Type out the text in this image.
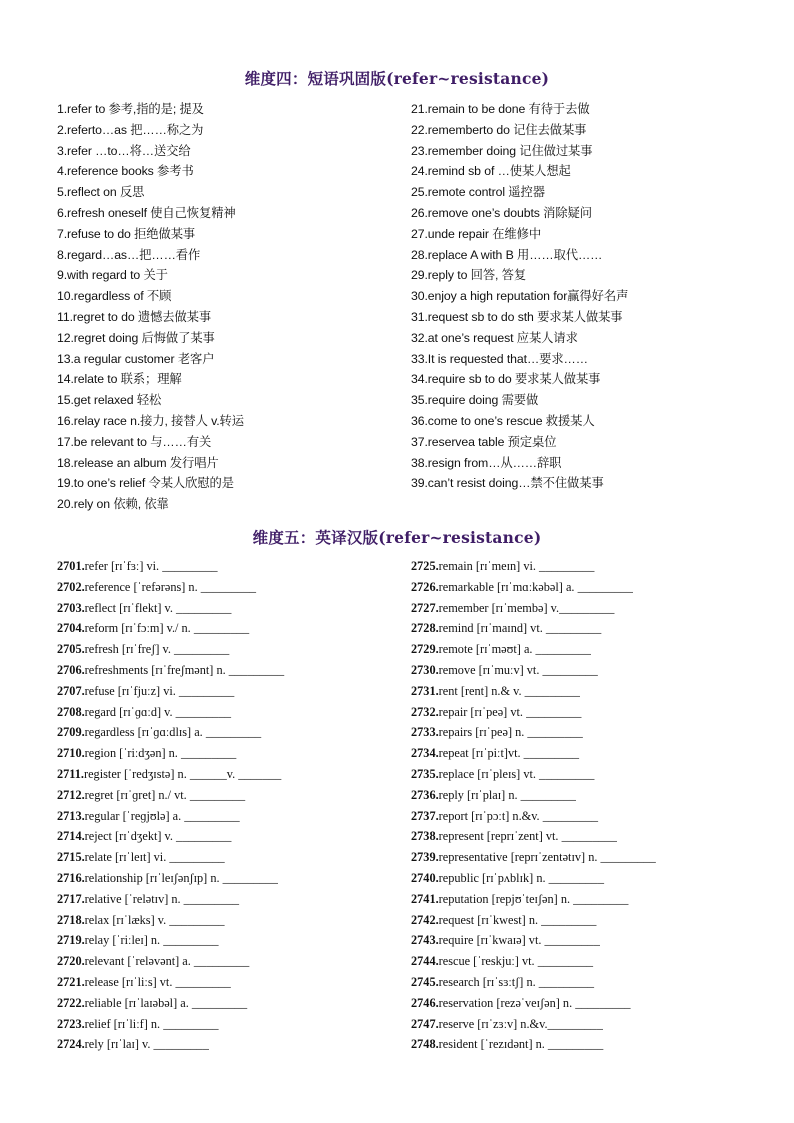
维度四：短语巩固版(refer~resistance)
1.refer to 参考,指的是; 提及
2.referto…as 把……称之为
3.refer …to…将…送交给
4.reference books 参考书
5.reflect on 反思
6.refresh oneself 使自己恢复精神
7.refuse to do 拒绝做某事
8.regard…as…把……看作
9.with regard to 关于
10.regardless of 不顾
11.regret to do 遗憾去做某事
12.regret doing 后悔做了某事
13.a regular customer 老客户
14.relate to 联系；理解
15.get relaxed 轻松
16.relay race n.接力, 接替人 v.转运
17.be relevant to 与……有关
18.release an album 发行唱片
19.to one’s relief 令某人欣慰的是
20.rely on 依赖, 依靠
21.remain to be done 有待于去做
22.rememberto do 记住去做某事
23.remember doing 记住做过某事
24.remind sb of …使某人想起
25.remote control 遥控器
26.remove one’s doubts 消除疑问
27.unde repair 在维修中
28.replace A with B 用……取代……
29.reply to 回答, 答复
30.enjoy a high reputation for赢得好名声
31.request sb to do sth 要求某人做某事
32.at one’s request 应某人请求
33.It is requested that…要求……
34.require sb to do 要求某人做某事
35.require doing 需要做
36.come to one’s rescue 救援某人
37.reservea table 预定桌位
38.resign from…从……辞职
39.can’t resist doing…禁不住做某事
维度五：英译汉版(refer~resistance)
2701.refer [rɪˈfɜː] vi. _________
2702.reference [ˈrefərəns] n. _________
2703.reflect [rɪˈflekt] v. _________
2704.reform [rɪˈfɔːm] v./ n. _________
2705.refresh [rɪˈfreʃ] v. _________
2706.refreshments [rɪˈfreʃmənt] n. _________
2707.refuse [rɪˈfjuːz] vi. _________
2708.regard [rɪˈɡɑːd] v. _________
2709.regardless [rɪˈɡɑːdlɪs] a. _________
2710.region [ˈriːdʒən] n. _________
2711.register [ˈredʒɪstə] n. ______v. _______
2712.regret [rɪˈɡret] n./ vt. _________
2713.regular [ˈreɡjʊlə] a. _________
2714.reject [rɪˈdʒekt] v. _________
2715.relate [rɪˈleɪt] vi. _________
2716.relationship [rɪˈleɪʃənʃɪp] n. _________
2717.relative [ˈrelətɪv] n. _________
2718.relax [rɪˈlæks] v. _________
2719.relay [ˈriːleɪ] n. _________
2720.relevant [ˈreləvənt] a. _________
2721.release [rɪˈliːs] vt. _________
2722.reliable [rɪˈlaɪəbəl] a. _________
2723.relief [rɪˈliːf] n. _________
2724.rely [rɪˈlaɪ] v. _________
2725.remain [rɪˈmeɪn] vi. _________
2726.remarkable [rɪˈmɑːkəbəl] a. _________
2727.remember [rɪˈmembə] v._________
2728.remind [rɪˈmaɪnd] vt. _________
2729.remote [rɪˈməʊt] a. _________
2730.remove [rɪˈmuːv] vt. _________
2731.rent [rent] n.& v. _________
2732.repair [rɪˈpeə] vt. _________
2733.repairs [rɪˈpeə] n. _________
2734.repeat [rɪˈpiːt]vt. _________
2735.replace [rɪˈpleɪs] vt. _________
2736.reply [rɪˈplaɪ] n. _________
2737.report [rɪˈpɔːt] n.&v. _________
2738.represent [reprɪˈzent] vt. _________
2739.representative [reprɪˈzentətɪv] n. _________
2740.republic [rɪˈpʌblɪk] n. _________
2741.reputation [repjʊˈteɪʃən] n. _________
2742.request [rɪˈkwest] n. _________
2743.require [rɪˈkwaɪə] vt. _________
2744.rescue [ˈreskjuː] vt. _________
2745.research [rɪˈsɜːtʃ] n. _________
2746.reservation [rezəˈveɪʃən] n. _________
2747.reserve [rɪˈzɜːv] n.&v._________
2748.resident [ˈrezɪdənt] n. _________
